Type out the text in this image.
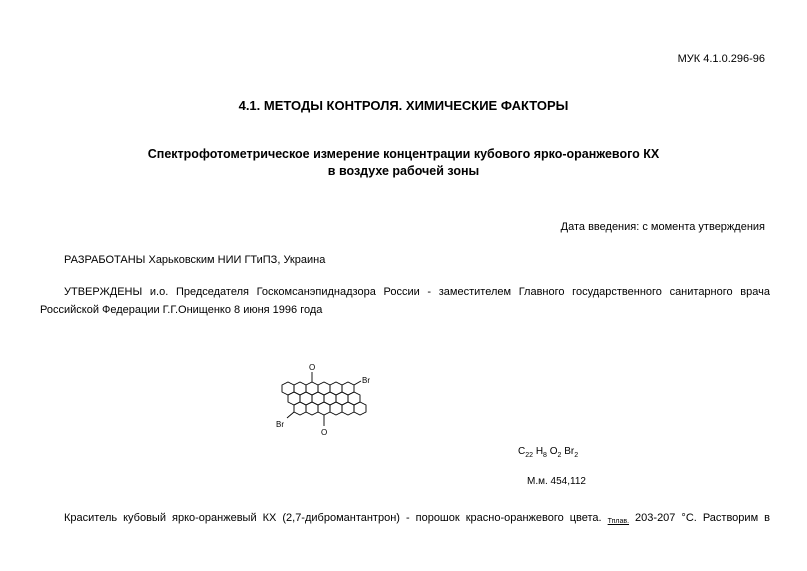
МУК 4.1.0.296-96
4.1. МЕТОДЫ КОНТРОЛЯ. ХИМИЧЕСКИЕ ФАКТОРЫ
Спектрофотометрическое измерение концентрации кубового ярко-оранжевого КХ
в воздухе рабочей зоны
Дата введения: с момента утверждения
РАЗРАБОТАНЫ Харьковским НИИ ГТиПЗ, Украина
УТВЕРЖДЕНЫ и.о. Председателя Госкомсанэпиднадзора России - заместителем Главного государственного санитарного врача Российской Федерации Г.Г.Онищенко 8 июня 1996 года
O
O
Br
Br
$C_{22}$ $H_8$ $O_2$ $Br_2$
М.м. 454,112
Краситель кубовый ярко-оранжевый КХ (2,7-дибромантантрон) - порошок красно-оранжевого цвета. Тплав. 203-207 °С. Растворим в
